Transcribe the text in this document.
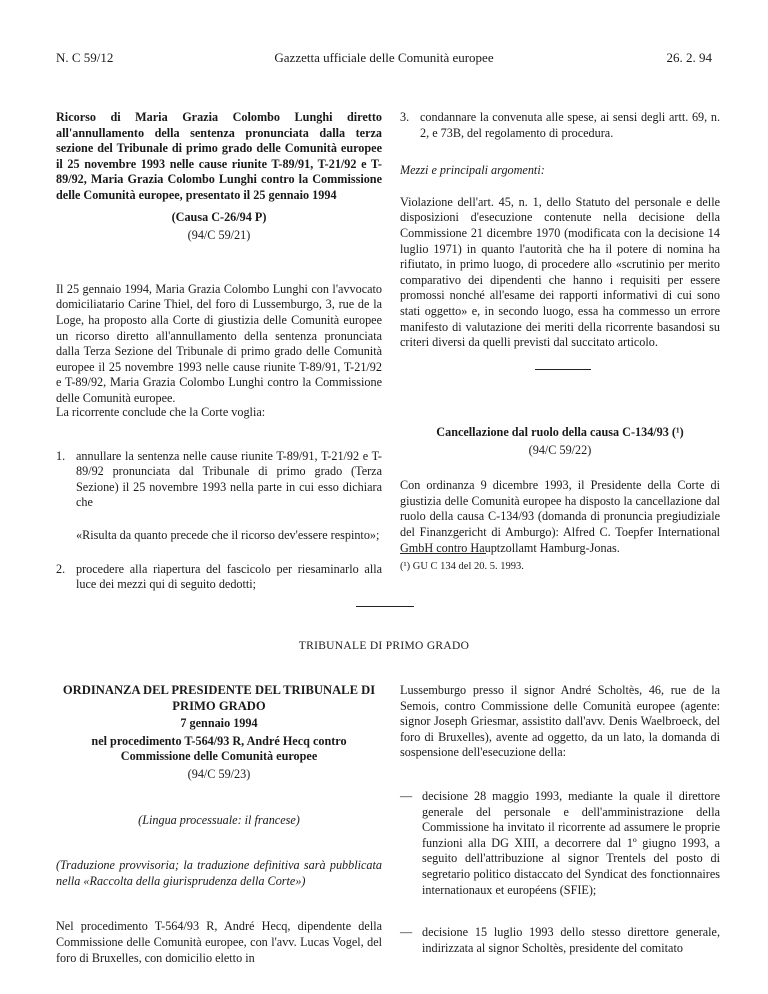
N. C 59/12	Gazzetta ufficiale delle Comunità europee	26. 2. 94

Ricorso di Maria Grazia Colombo Lunghi diretto all'annullamento della sentenza pronunciata dalla terza sezione del Tribunale di primo grado delle Comunità europee il 25 novembre 1993 nelle cause riunite T-89/91, T-21/92 e T-89/92, Maria Grazia Colombo Lunghi contro la Commissione delle Comunità europee, presentato il 25 gennaio 1994

(Causa C-26/94 P)

(94/C 59/21)

Il 25 gennaio 1994, Maria Grazia Colombo Lunghi con l'avvocato domiciliatario Carine Thiel, del foro di Lussemburgo, 3, rue de la Loge, ha proposto alla Corte di giustizia delle Comunità europee un ricorso diretto all'annullamento della sentenza pronunciata dalla Terza Sezione del Tribunale di primo grado delle Comunità europee il 25 novembre 1993 nelle cause riunite T-89/91, T-21/92 e T-89/92, Maria Grazia Colombo Lunghi contro la Commissione delle Comunità europee.

La ricorrente conclude che la Corte voglia:

1. annullare la sentenza nelle cause riunite T-89/91, T-21/92 e T-89/92 pronunciata dal Tribunale di primo grado (Terza Sezione) il 25 novembre 1993 nella parte in cui esso dichiara che
«Risulta da quanto precede che il ricorso dev'essere respinto»;
2. procedere alla riapertura del fascicolo per riesaminarlo alla luce dei mezzi qui di seguito dedotti;
3. condannare la convenuta alle spese, ai sensi degli artt. 69, n. 2, e 73B, del regolamento di procedura.

Mezzi e principali argomenti:

Violazione dell'art. 45, n. 1, dello Statuto del personale e delle disposizioni d'esecuzione contenute nella decisione della Commissione 21 dicembre 1970 (modificata con la decisione 14 luglio 1971) in quanto l'autorità che ha il potere di nomina ha rifiutato, in primo luogo, di procedere allo «scrutinio per merito comparativo dei dipendenti che hanno i requisiti per essere promossi nonché all'esame dei rapporti informativi di cui sono stati oggetto» e, in secondo luogo, essa ha commesso un errore manifesto di valutazione dei meriti della ricorrente basandosi su criteri diversi da quelli previsti dal succitato articolo.

Cancellazione dal ruolo della causa C-134/93 (¹)

(94/C 59/22)

Con ordinanza 9 dicembre 1993, il Presidente della Corte di giustizia delle Comunità europee ha disposto la cancellazione dal ruolo della causa C-134/93 (domanda di pronuncia pregiudiziale del Finanzgericht di Amburgo): Alfred C. Toepfer International GmbH contro Hauptzollamt Hamburg-Jonas.

(¹) GU C 134 del 20. 5. 1993.
TRIBUNALE DI PRIMO GRADO

ORDINANZA DEL PRESIDENTE DEL TRIBUNALE DI PRIMO GRADO

7 gennaio 1994

nel procedimento T-564/93 R, André Hecq contro Commissione delle Comunità europee

(94/C 59/23)

(Lingua processuale: il francese)

(Traduzione provvisoria; la traduzione definitiva sarà pubblicata nella «Raccolta della giurisprudenza della Corte»)

Nel procedimento T-564/93 R, André Hecq, dipendente della Commissione delle Comunità europee, con l'avv. Lucas Vogel, del foro di Bruxelles, con domicilio eletto in

Lussemburgo presso il signor André Scholtès, 46, rue de la Semois, contro Commissione delle Comunità europee (agente: signor Joseph Griesmar, assistito dall'avv. Denis Waelbroeck, del foro di Bruxelles), avente ad oggetto, da un lato, la domanda di sospensione dell'esecuzione della:

— decisione 28 maggio 1993, mediante la quale il direttore generale del personale e dell'amministrazione della Commissione ha invitato il ricorrente ad assumere le proprie funzioni alla DG XIII, a decorrere dal 1º giugno 1993, a seguito dell'attribuzione al signor Trentels del posto di segretario politico distaccato del Syndicat des fonctionnaires internationaux et européens (SFIE);
— decisione 15 luglio 1993 dello stesso direttore generale, indirizzata al signor Scholtès, presidente del comitato
